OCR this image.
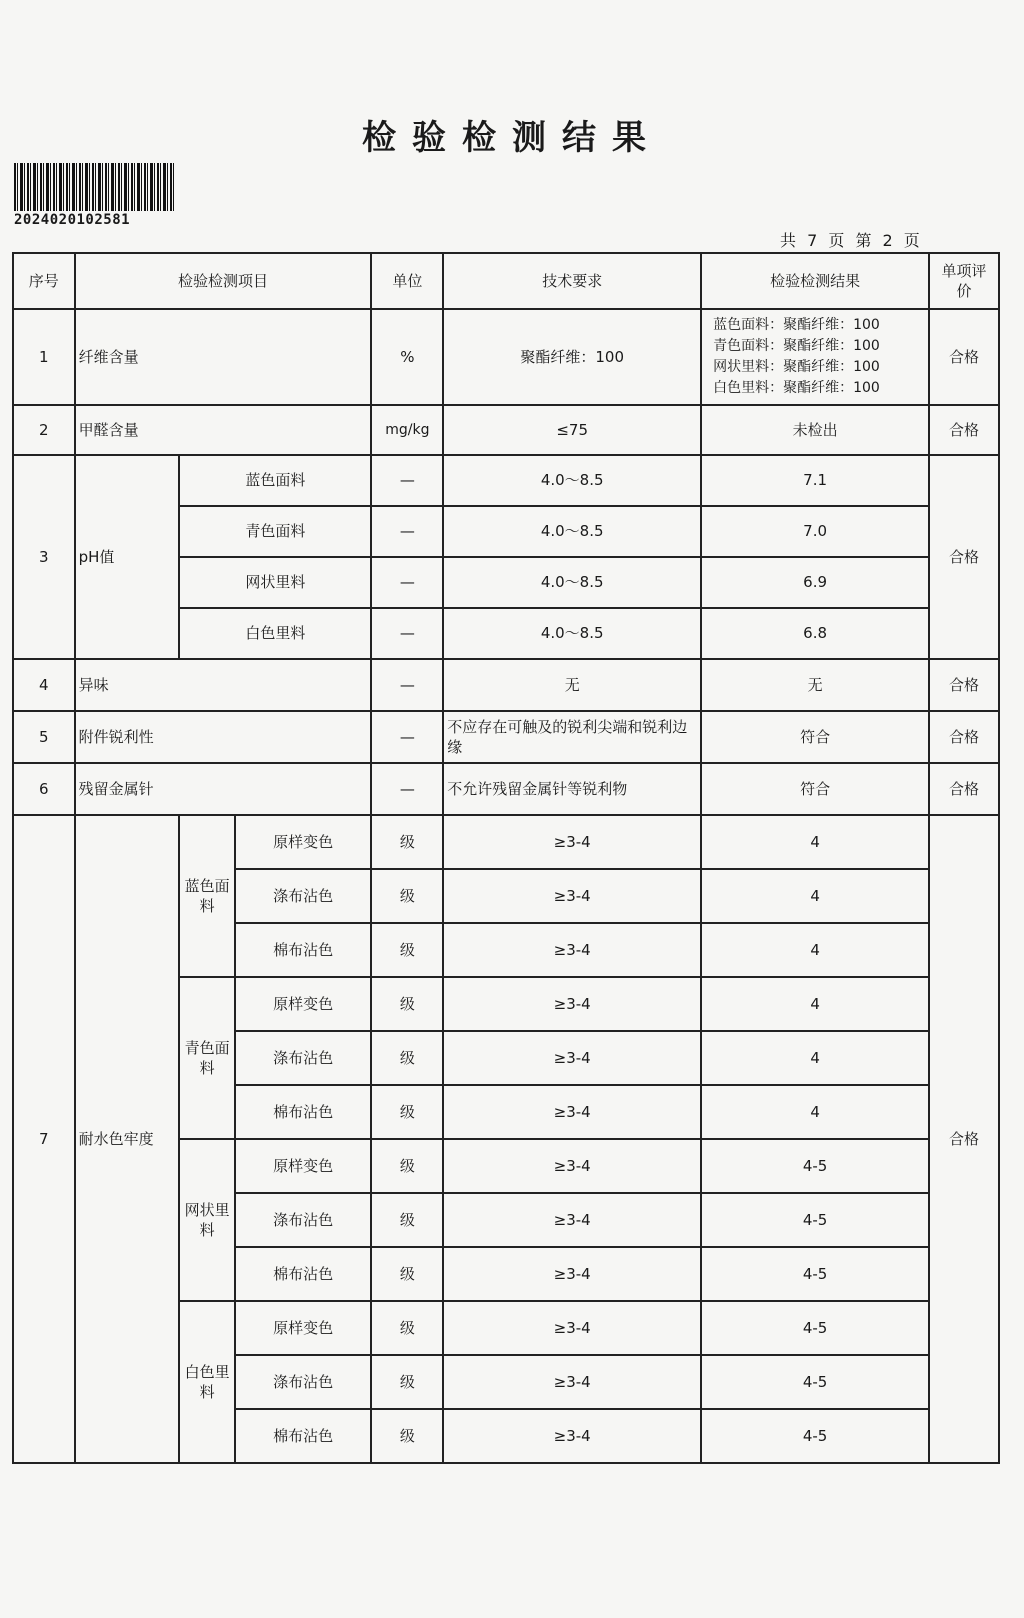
检验检测结果
2024020102581
共 7 页 第 2 页
序号	检验检测项目			单位	技术要求	检验检测结果	单项评价
1	纤维含量			%	聚酯纤维：100	蓝色面料：聚酯纤维：100
青色面料：聚酯纤维：100
网状里料：聚酯纤维：100
白色里料：聚酯纤维：100	合格
2	甲醛含量			mg/kg	≤75	未检出	合格
3	pH值	蓝色面料		—	4.0～8.5	7.1	合格
		青色面料		—	4.0～8.5	7.0	
		网状里料		—	4.0～8.5	6.9	
		白色里料		—	4.0～8.5	6.8	
4	异味			—	无	无	合格
5	附件锐利性			—	不应存在可触及的锐利尖端和锐利边缘	符合	合格
6	残留金属针			—	不允许残留金属针等锐利物	符合	合格
7	耐水色牢度	蓝色面料	原样变色	级	≥3-4	4	合格
			涤布沾色	级	≥3-4	4	
			棉布沾色	级	≥3-4	4	
		青色面料	原样变色	级	≥3-4	4	
			涤布沾色	级	≥3-4	4	
			棉布沾色	级	≥3-4	4	
		网状里料	原样变色	级	≥3-4	4-5	
			涤布沾色	级	≥3-4	4-5	
			棉布沾色	级	≥3-4	4-5	
		白色里料	原样变色	级	≥3-4	4-5	
			涤布沾色	级	≥3-4	4-5	
			棉布沾色	级	≥3-4	4-5	
